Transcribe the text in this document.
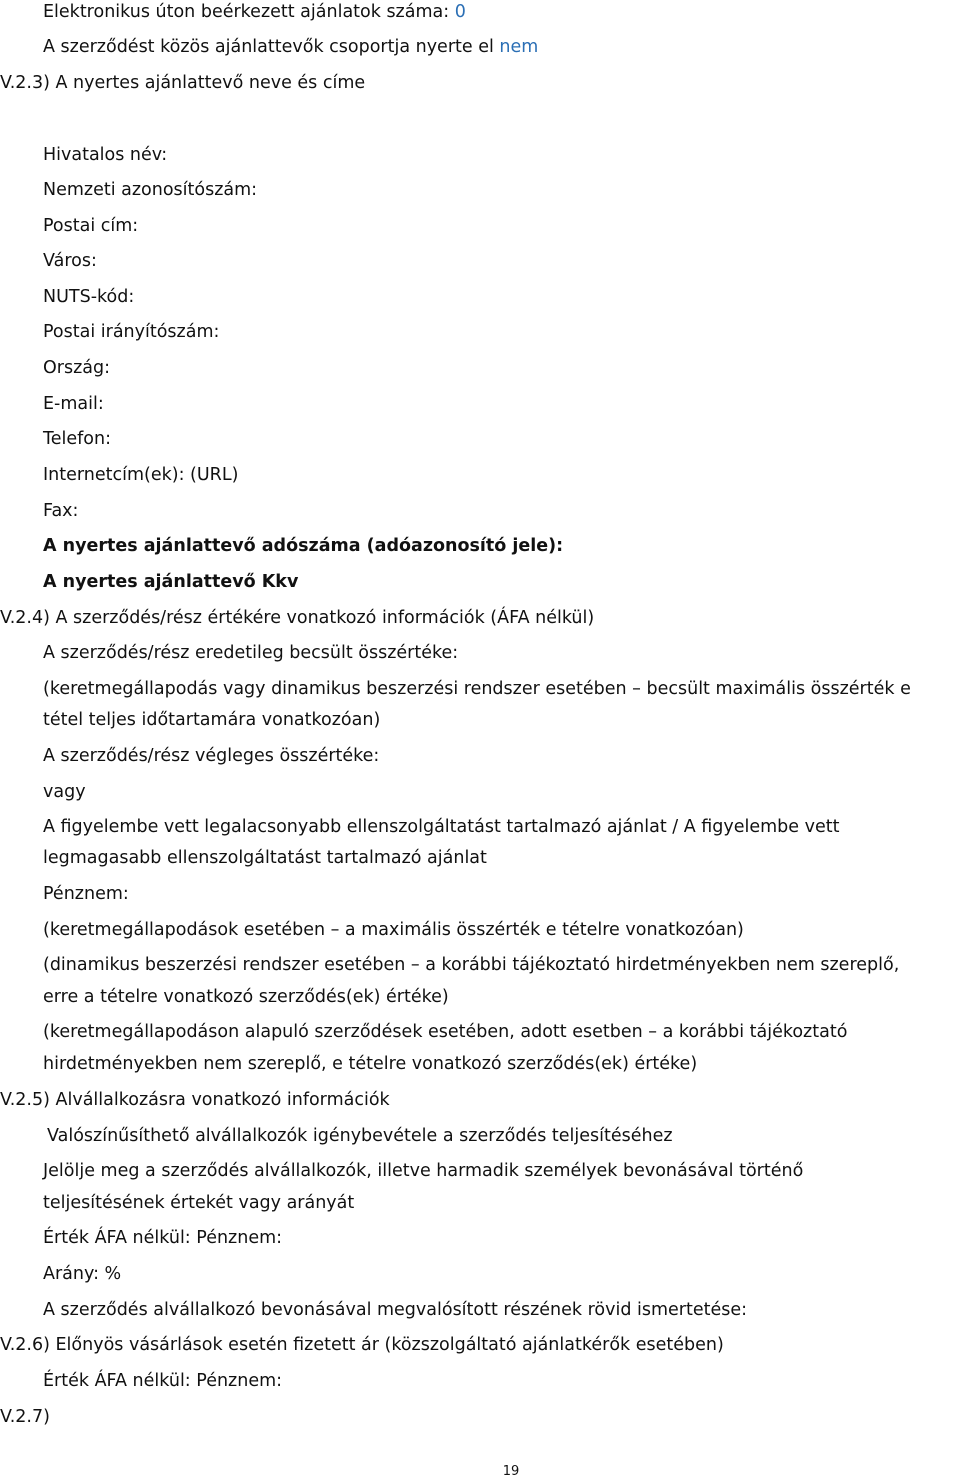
Elektronikus úton beérkezett ajánlatok száma: 0
A szerződést közös ajánlattevők csoportja nyerte el nem
V.2.3) A nyertes ajánlattevő neve és címe
Hivatalos név:
Nemzeti azonosítószám:
Postai cím:
Város:
NUTS-kód:
Postai irányítószám:
Ország:
E-mail:
Telefon:
Internetcím(ek): (URL)
Fax:
A nyertes ajánlattevő adószáma (adóazonosító jele):
A nyertes ajánlattevő Kkv
V.2.4) A szerződés/rész értékére vonatkozó információk (ÁFA nélkül)
A szerződés/rész eredetileg becsült összértéke:
(keretmegállapodás vagy dinamikus beszerzési rendszer esetében – becsült maximális összérték e
tétel teljes időtartamára vonatkozóan)
A szerződés/rész végleges összértéke:
vagy
A figyelembe vett legalacsonyabb ellenszolgáltatást tartalmazó ajánlat / A figyelembe vett
legmagasabb ellenszolgáltatást tartalmazó ajánlat
Pénznem:
(keretmegállapodások esetében – a maximális összérték e tételre vonatkozóan)
(dinamikus beszerzési rendszer esetében – a korábbi tájékoztató hirdetményekben nem szereplő,
erre a tételre vonatkozó szerződés(ek) értéke)
(keretmegállapodáson alapuló szerződések esetében, adott esetben – a korábbi tájékoztató
hirdetményekben nem szereplő, e tételre vonatkozó szerződés(ek) értéke)
V.2.5) Alvállalkozásra vonatkozó információk
Valószínűsíthető alvállalkozók igénybevétele a szerződés teljesítéséhez
Jelölje meg a szerződés alvállalkozók, illetve harmadik személyek bevonásával történő
teljesítésének értekét vagy arányát
Érték ÁFA nélkül: Pénznem:
Arány: %
A szerződés alvállalkozó bevonásával megvalósított részének rövid ismertetése:
V.2.6) Előnyös vásárlások esetén fizetett ár (közszolgáltató ajánlatkérők esetében)
Érték ÁFA nélkül: Pénznem:
V.2.7)
19
